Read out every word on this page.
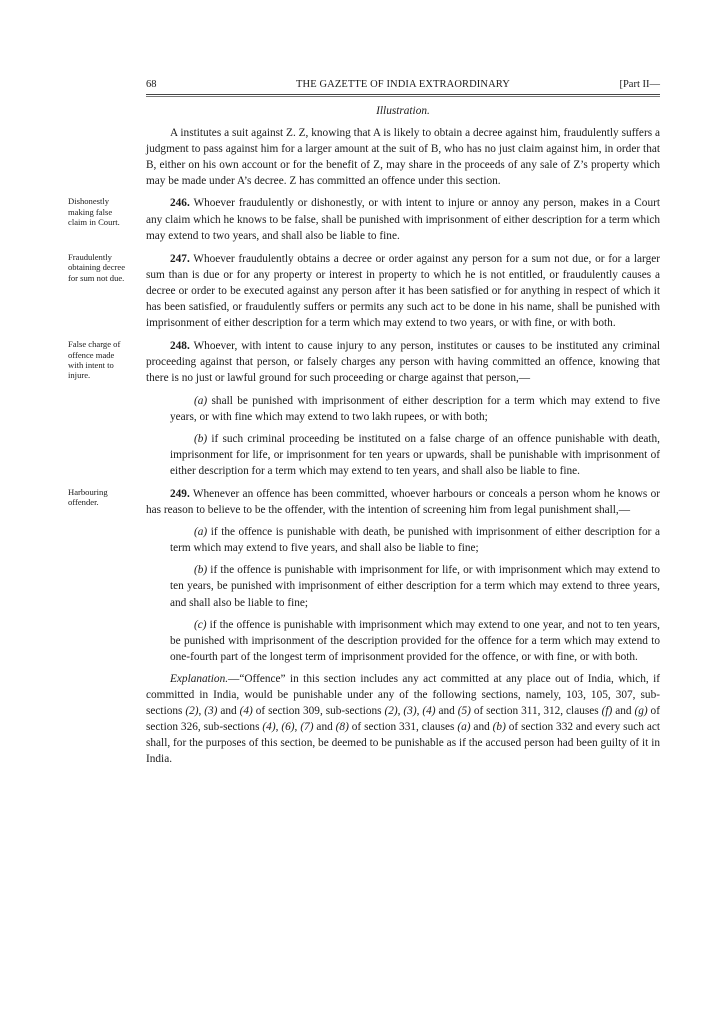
68	THE GAZETTE OF INDIA EXTRAORDINARY	[Part II—

Illustration.

A institutes a suit against Z. Z, knowing that A is likely to obtain a decree against him, fraudulently suffers a judgment to pass against him for a larger amount at the suit of B, who has no just claim against him, in order that B, either on his own account or for the benefit of Z, may share in the proceeds of any sale of Z’s property which may be made under A’s decree. Z has committed an offence under this section.

Dishonestly making false claim in Court.

246. Whoever fraudulently or dishonestly, or with intent to injure or annoy any person, makes in a Court any claim which he knows to be false, shall be punished with imprisonment of either description for a term which may extend to two years, and shall also be liable to fine.

Fraudulently obtaining decree for sum not due.

247. Whoever fraudulently obtains a decree or order against any person for a sum not due, or for a larger sum than is due or for any property or interest in property to which he is not entitled, or fraudulently causes a decree or order to be executed against any person after it has been satisfied or for anything in respect of which it has been satisfied, or fraudulently suffers or permits any such act to be done in his name, shall be punished with imprisonment of either description for a term which may extend to two years, or with fine, or with both.

False charge of offence made with intent to injure.

248. Whoever, with intent to cause injury to any person, institutes or causes to be instituted any criminal proceeding against that person, or falsely charges any person with having committed an offence, knowing that there is no just or lawful ground for such proceeding or charge against that person,—

(a) shall be punished with imprisonment of either description for a term which may extend to five years, or with fine which may extend to two lakh rupees, or with both;

(b) if such criminal proceeding be instituted on a false charge of an offence punishable with death, imprisonment for life, or imprisonment for ten years or upwards, shall be punishable with imprisonment of either description for a term which may extend to ten years, and shall also be liable to fine.

Harbouring offender.

249. Whenever an offence has been committed, whoever harbours or conceals a person whom he knows or has reason to believe to be the offender, with the intention of screening him from legal punishment shall,—

(a) if the offence is punishable with death, be punished with imprisonment of either description for a term which may extend to five years, and shall also be liable to fine;

(b) if the offence is punishable with imprisonment for life, or with imprisonment which may extend to ten years, be punished with imprisonment of either description for a term which may extend to three years, and shall also be liable to fine;

(c) if the offence is punishable with imprisonment which may extend to one year, and not to ten years, be punished with imprisonment of the description provided for the offence for a term which may extend to one-fourth part of the longest term of imprisonment provided for the offence, or with fine, or with both.

Explanation.—“Offence” in this section includes any act committed at any place out of India, which, if committed in India, would be punishable under any of the following sections, namely, 103, 105, 307, sub-sections (2), (3) and (4) of section 309, sub-sections (2), (3), (4) and (5) of section 311, 312, clauses (f) and (g) of section 326, sub-sections (4), (6), (7) and (8) of section 331, clauses (a) and (b) of section 332 and every such act shall, for the purposes of this section, be deemed to be punishable as if the accused person had been guilty of it in India.
